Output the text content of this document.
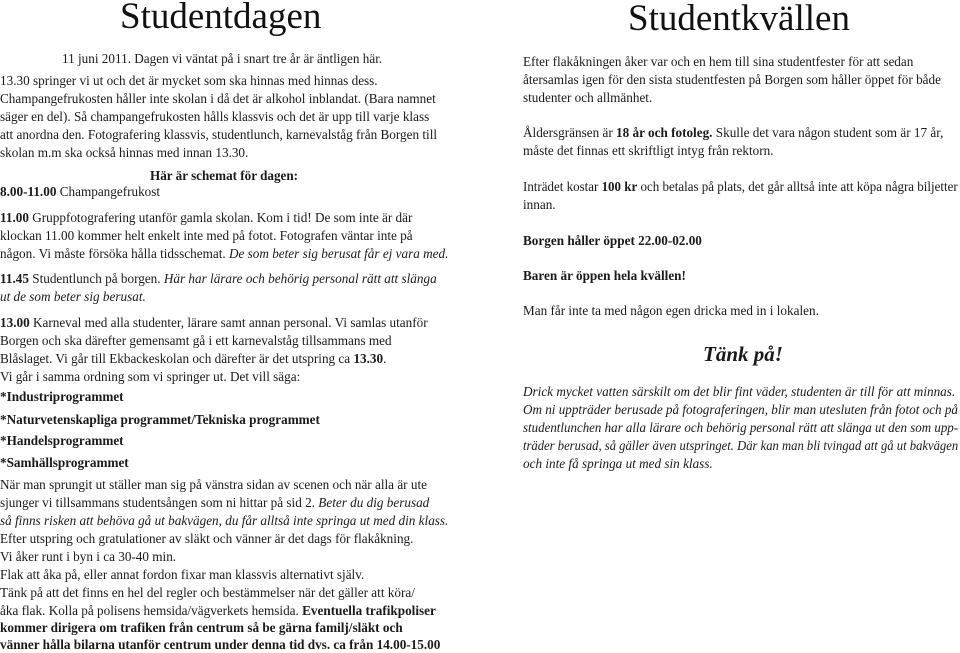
Studentdagen
11 juni 2011. Dagen vi väntat på i snart tre år är äntligen här.
13.30 springer vi ut och det är mycket som ska hinnas med hinnas dess.
Champangefrukosten håller inte skolan i då det är alkohol inblandat. (Bara namnet
säger en del). Så champangefrukosten hålls klassvis och det är upp till varje klass
att anordna den. Fotografering klassvis, studentlunch, karnevalståg från Borgen till
skolan m.m ska också hinnas med innan 13.30.
Här är schemat för dagen:
8.00-11.00 Champangefrukost
11.00 Gruppfotografering utanför gamla skolan. Kom i tid! De som inte är där
klockan 11.00 kommer helt enkelt inte med på fotot. Fotografen väntar inte på
någon. Vi måste försöka hålla tidsschemat. De som beter sig berusat får ej vara med.
11.45 Studentlunch på borgen. Här har lärare och behörig personal rätt att slänga
ut de som beter sig berusat.
13.00 Karneval med alla studenter, lärare samt annan personal. Vi samlas utanför
Borgen och ska därefter gemensamt gå i ett karnevalståg tillsammans med
Blåslaget. Vi går till Ekbackeskolan och därefter är det utspring ca 13.30.
Vi går i samma ordning som vi springer ut. Det vill säga:
*Industriprogrammet
*Naturvetenskapliga programmet/Tekniska programmet
*Handelsprogrammet
*Samhällsprogrammet
När man sprungit ut ställer man sig på vänstra sidan av scenen och när alla är ute
sjunger vi tillsammans studentsången som ni hittar på sid 2. Beter du dig berusad
så finns risken att behöva gå ut bakvägen, du får alltså inte springa ut med din klass.
Efter utspring och gratulationer av släkt och vänner är det dags för flakåkning.
Vi åker runt i byn i ca 30-40 min.
Flak att åka på, eller annat fordon fixar man klassvis alternativt själv.
Tänk på att det finns en hel del regler och bestämmelser när det gäller att köra/
åka flak. Kolla på polisens hemsida/vägverkets hemsida. Eventuella trafikpoliser
kommer dirigera om trafiken från centrum så be gärna familj/släkt och
vänner hålla bilarna utanför centrum under denna tid dvs. ca från 14.00-15.00
Studentkvällen
Efter flakåkningen åker var och en hem till sina studentfester för att sedan
återsamlas igen för den sista studentfesten på Borgen som håller öppet för både
studenter och allmänhet.
Åldersgränsen är 18 år och fotoleg. Skulle det vara någon student som är 17 år,
måste det finnas ett skriftligt intyg från rektorn.
Inträdet kostar 100 kr och betalas på plats, det går alltså inte att köpa några biljetter
innan.
Borgen håller öppet 22.00-02.00
Baren är öppen hela kvällen!
Man får inte ta med någon egen dricka med in i lokalen.
Tänk på!
Drick mycket vatten särskilt om det blir fint väder, studenten är till för att minnas.
Om ni uppträder berusade på fotograferingen, blir man utesluten från fotot och på
studentlunchen har alla lärare och behörig personal rätt att slänga ut den som upp-
träder berusad, så gäller även utspringet. Där kan man bli tvingad att gå ut bakvägen
och inte få springa ut med sin klass.
